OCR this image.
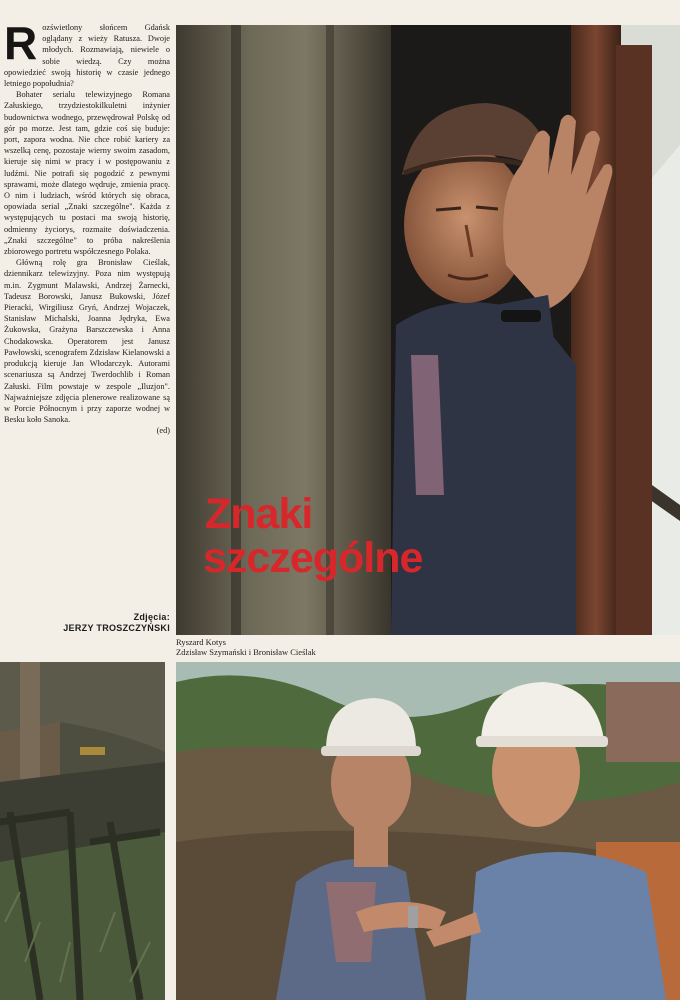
Rozświetlony słońcem Gdańsk oglądany z wieży Ratusza. Dwoje młodych. Rozmawiają, niewiele o sobie wiedzą. Czy można opowiedzieć swoją historię w czasie jednego letniego popołudnia?

Bohater serialu telewizyjnego Romana Załuskiego, trzydziestokilkuletni inżynier budownictwa wodnego, przewędrował Polskę od gór po morze. Jest tam, gdzie coś się buduje: port, zapora wodna. Nie chce robić kariery za wszelką cenę, pozostaje wierny swoim zasadom, kieruje się nimi w pracy i w postępowaniu z ludźmi. Nie potrafi się pogodzić z pewnymi sprawami, może dlatego wędruje, zmienia pracę. O nim i ludziach, wśród których się obraca, opowiada serial „Znaki szczególne". Każda z występujących tu postaci ma swoją historię, odmienny życiorys, rozmaite doświadczenia. „Znaki szczególne" to próba nakreślenia zbiorowego portretu współczesnego Polaka.

Główną rolę gra Bronisław Cieślak, dziennikarz telewizyjny. Poza nim występują m.in. Zygmunt Malawski, Andrzej Żarnecki, Tadeusz Borowski, Janusz Bukowski, Józef Pieracki, Wirgiliusz Gryń, Andrzej Wojaczek, Stanisław Michalski, Joanna Jędryka, Ewa Żukowska, Grażyna Barszczewska i Anna Chodakowska. Operatorem jest Janusz Pawłowski, scenografem Zdzisław Kielanowski a produkcją kieruje Jan Włodarczyk. Autorami scenariusza są Andrzej Twerdochlib i Roman Załuski. Film powstaje w zespole „Iluzjon". Najważniejsze zdjęcia plenerowe realizowane są w Porcie Północnym i przy zaporze wodnej w Besku koło Sanoka.

(ed)

Zdjęcia:
JERZY TROSZCZYŃSKI
Znaki
szczególne
Ryszard Kotys
Zdzisław Szymański i Bronisław Cieślak
